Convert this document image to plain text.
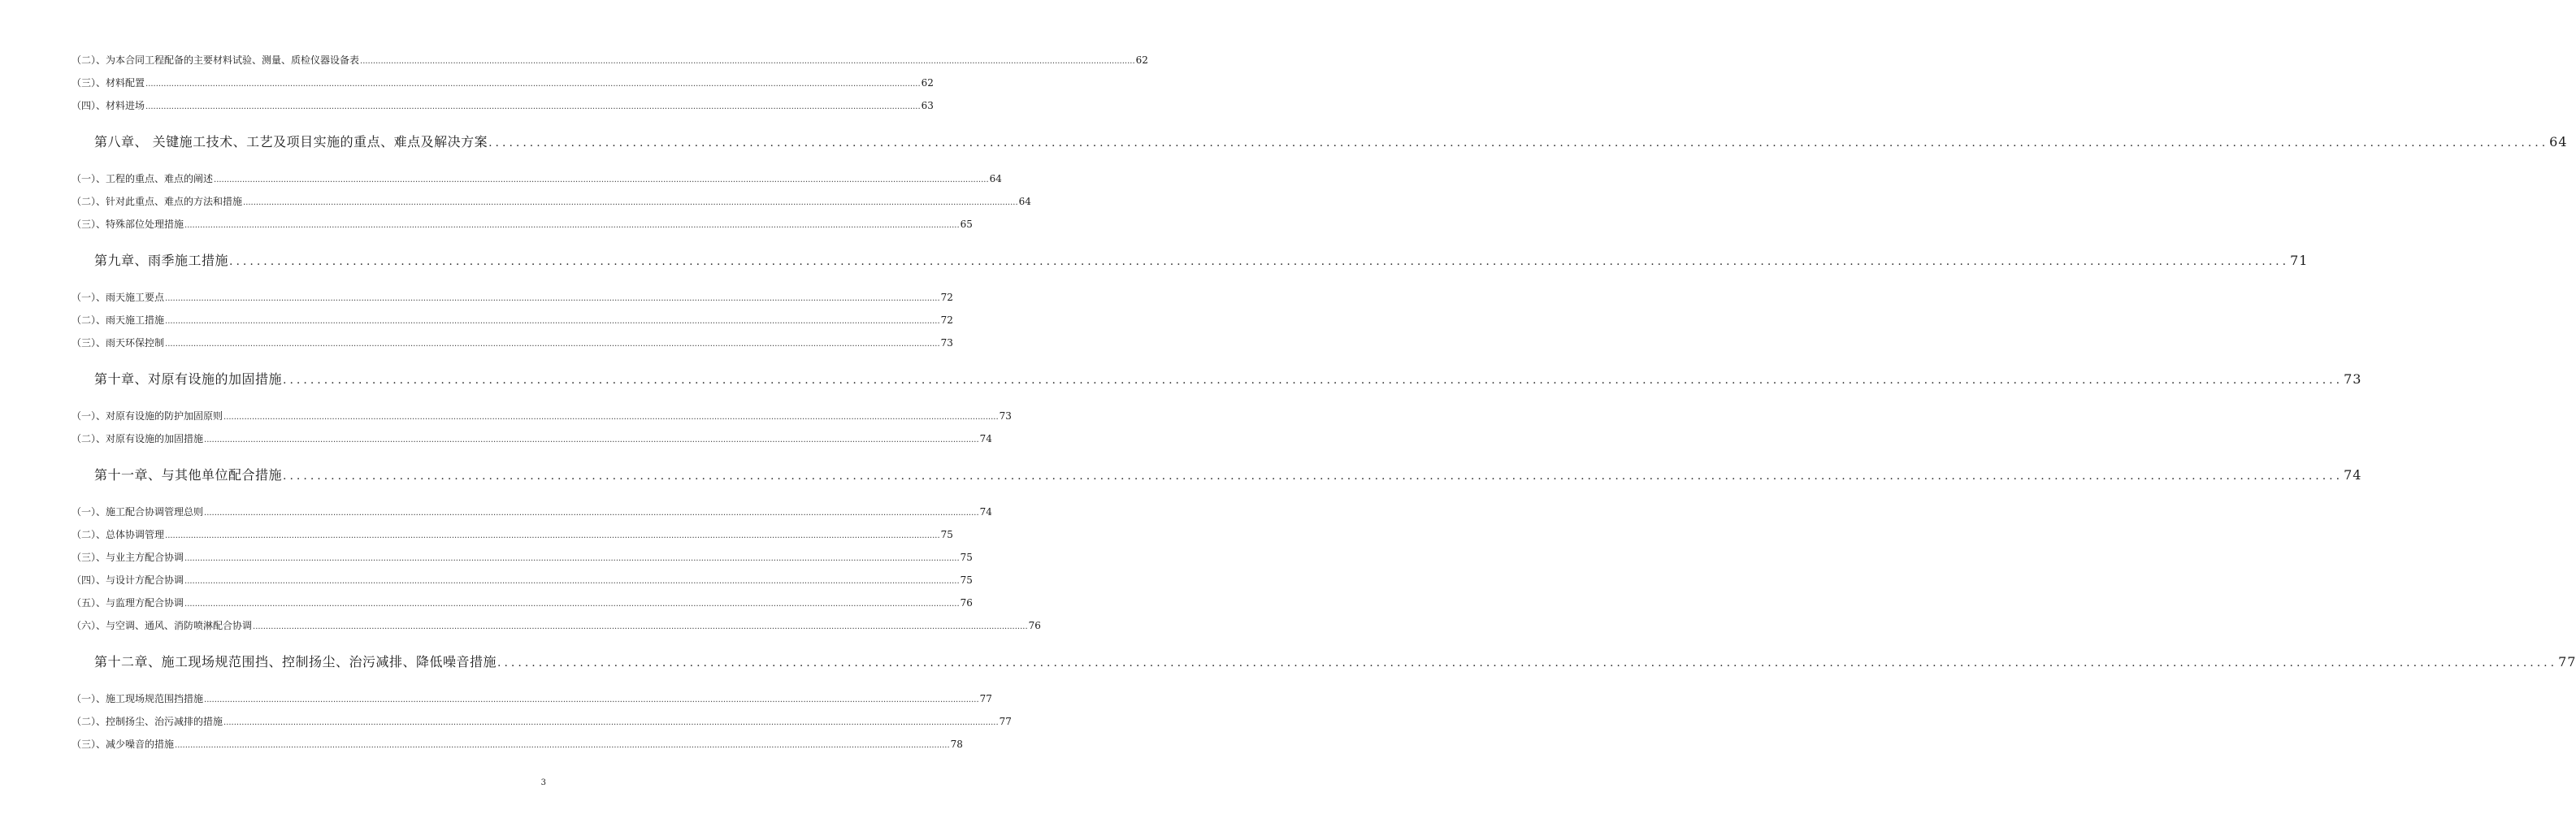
（二）、为本合同工程配备的主要材料试验、测量、质检仪器设备表 ............................................................................................................................................................................................................................................................................................................ 62
（三）、材料配置 ............................................................................................................................................................................................................................................................................................................ 62
（四）、材料进场 ............................................................................................................................................................................................................................................................................................................ 63
第八章、 关键施工技术、工艺及项目实施的重点、难点及解决方案 ............................................................................................................................................................................................................................................................................................................ 64
（一）、工程的重点、难点的阐述 ............................................................................................................................................................................................................................................................................................................ 64
（二）、针对此重点、难点的方法和措施 ............................................................................................................................................................................................................................................................................................................ 64
（三）、特殊部位处理措施 ............................................................................................................................................................................................................................................................................................................ 65
第九章、雨季施工措施 ............................................................................................................................................................................................................................................................................................................ 71
（一）、雨天施工要点 ............................................................................................................................................................................................................................................................................................................ 72
（二）、雨天施工措施 ............................................................................................................................................................................................................................................................................................................ 72
（三）、雨天环保控制 ............................................................................................................................................................................................................................................................................................................ 73
第十章、对原有设施的加固措施 ............................................................................................................................................................................................................................................................................................................ 73
（一）、对原有设施的防护加固原则 ............................................................................................................................................................................................................................................................................................................ 73
（二）、对原有设施的加固措施 ............................................................................................................................................................................................................................................................................................................ 74
第十一章、与其他单位配合措施 ............................................................................................................................................................................................................................................................................................................ 74
（一）、施工配合协调管理总则 ............................................................................................................................................................................................................................................................................................................ 74
（二）、总体协调管理 ............................................................................................................................................................................................................................................................................................................ 75
（三）、与业主方配合协调 ............................................................................................................................................................................................................................................................................................................ 75
（四）、与设计方配合协调 ............................................................................................................................................................................................................................................................................................................ 75
（五）、与监理方配合协调 ............................................................................................................................................................................................................................................................................................................ 76
（六）、与空调、通风、消防喷淋配合协调 ............................................................................................................................................................................................................................................................................................................ 76
第十二章、施工现场规范围挡、控制扬尘、治污减排、降低噪音措施 ............................................................................................................................................................................................................................................................................................................ 77
（一）、施工现场规范围挡措施 ............................................................................................................................................................................................................................................................................................................ 77
（二）、控制扬尘、治污减排的措施 ............................................................................................................................................................................................................................................................................................................ 77
（三）、减少噪音的措施 ............................................................................................................................................................................................................................................................................................................ 78
3
